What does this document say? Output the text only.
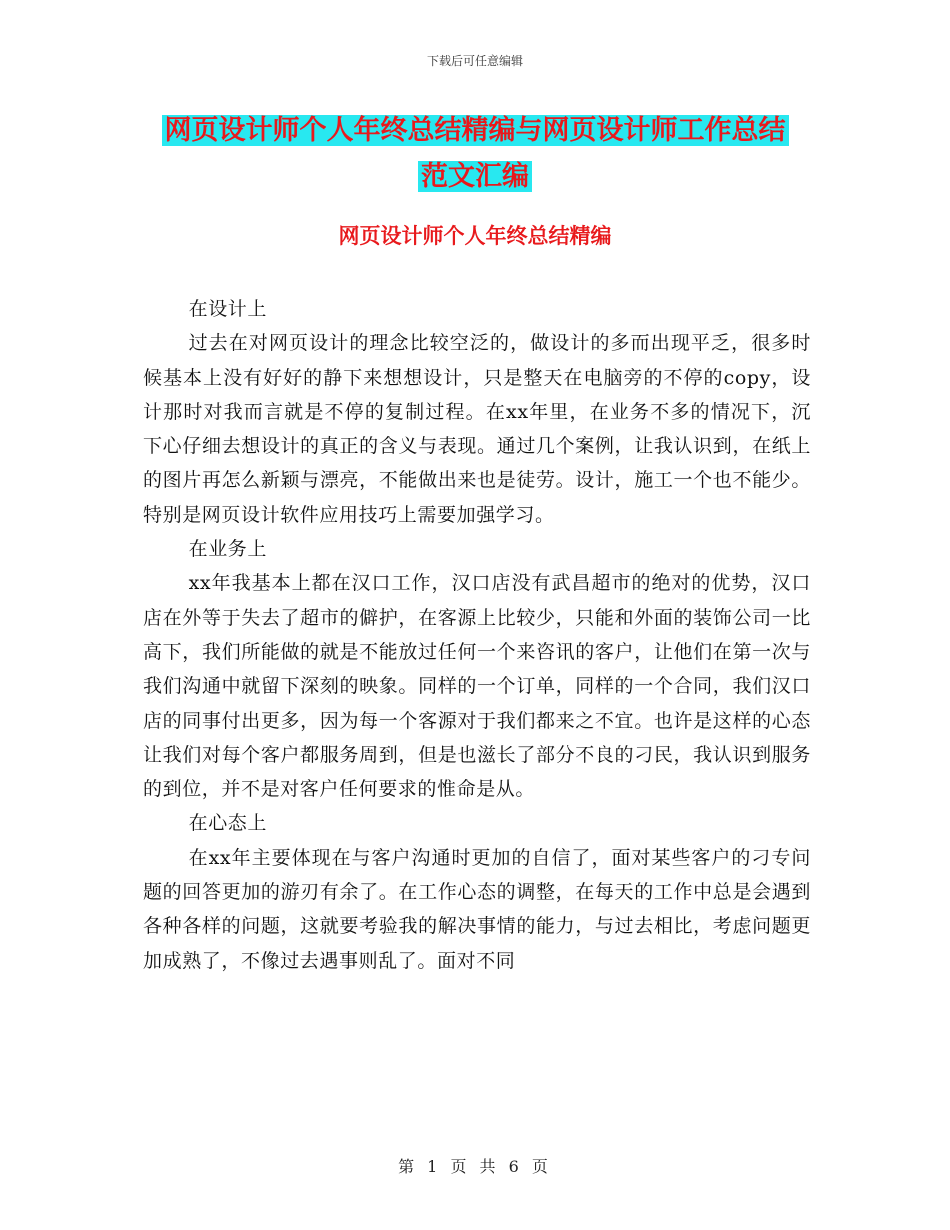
下载后可任意编辑
网页设计师个人年终总结精编与网页设计师工作总结
范文汇编
网页设计师个人年终总结精编

在设计上

过去在对网页设计的理念比较空泛的，做设计的多而出现平乏，很多时候基本上没有好好的静下来想想设计，只是整天在电脑旁的不停的copy，设计那时对我而言就是不停的复制过程。在xx年里，在业务不多的情况下，沉下心仔细去想设计的真正的含义与表现。通过几个案例，让我认识到，在纸上的图片再怎么新颖与漂亮，不能做出来也是徒劳。设计，施工一个也不能少。特别是网页设计软件应用技巧上需要加强学习。

在业务上

xx年我基本上都在汉口工作，汉口店没有武昌超市的绝对的优势，汉口店在外等于失去了超市的僻护，在客源上比较少，只能和外面的装饰公司一比高下，我们所能做的就是不能放过任何一个来咨讯的客户，让他们在第一次与我们沟通中就留下深刻的映象。同样的一个订单，同样的一个合同，我们汉口店的同事付出更多，因为每一个客源对于我们都来之不宜。也许是这样的心态让我们对每个客户都服务周到，但是也滋长了部分不良的刁民，我认识到服务的到位，并不是对客户任何要求的惟命是从。

在心态上

在xx年主要体现在与客户沟通时更加的自信了，面对某些客户的刁专问题的回答更加的游刃有余了。在工作心态的调整，在每天的工作中总是会遇到各种各样的问题，这就要考验我的解决事情的能力，与过去相比，考虑问题更加成熟了，不像过去遇事则乱了。面对不同

第 1 页 共 6 页
